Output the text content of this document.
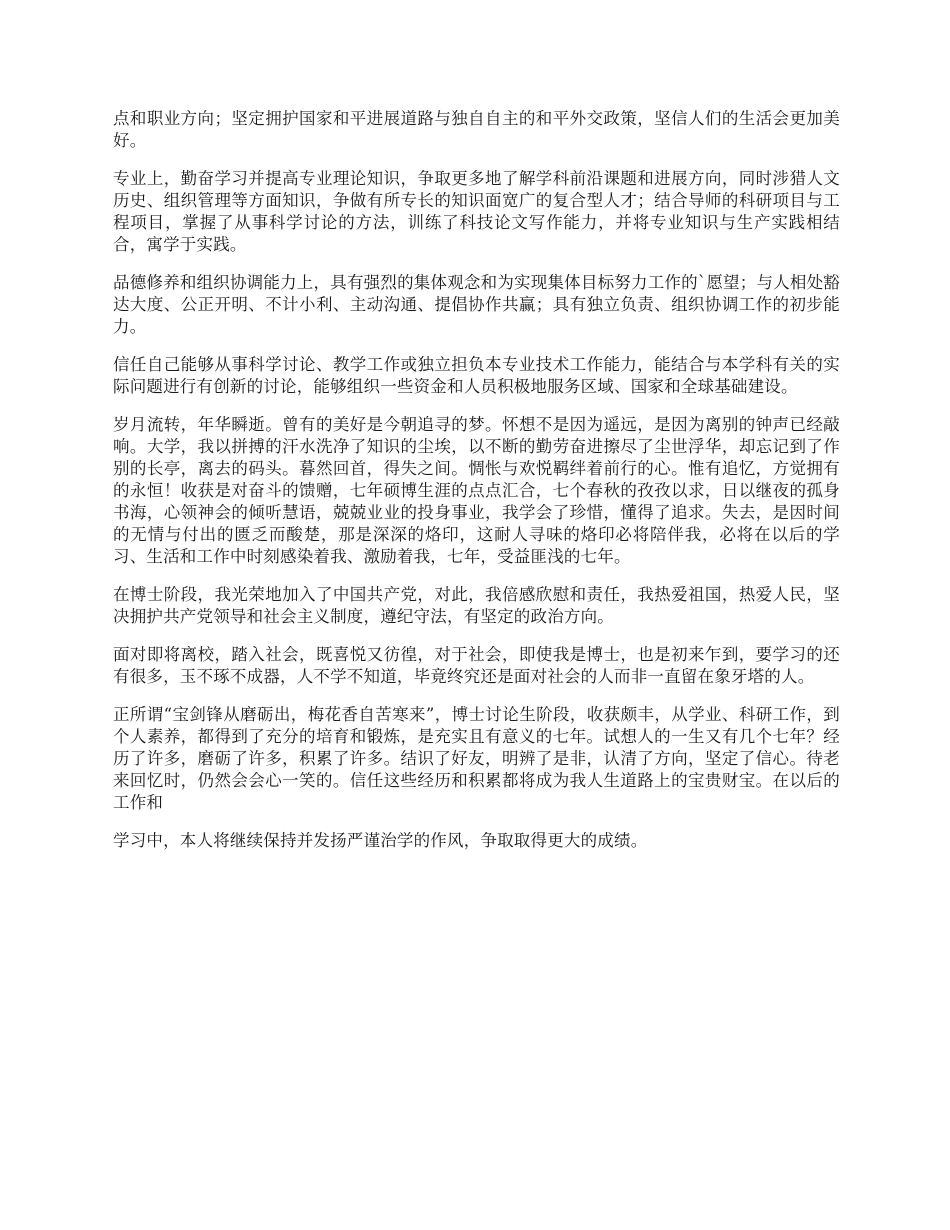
点和职业方向；坚定拥护国家和平进展道路与独自自主的和平外交政策，坚信人们的生活会更加美好。

专业上，勤奋学习并提高专业理论知识，争取更多地了解学科前沿课题和进展方向，同时涉猎人文历史、组织管理等方面知识，争做有所专长的知识面宽广的复合型人才；结合导师的科研项目与工程项目，掌握了从事科学讨论的方法，训练了科技论文写作能力，并将专业知识与生产实践相结合，寓学于实践。

品德修养和组织协调能力上，具有强烈的集体观念和为实现集体目标努力工作的`愿望；与人相处豁达大度、公正开明、不计小利、主动沟通、提倡协作共赢；具有独立负责、组织协调工作的初步能力。

信任自己能够从事科学讨论、教学工作或独立担负本专业技术工作能力，能结合与本学科有关的实际问题进行有创新的讨论，能够组织一些资金和人员积极地服务区域、国家和全球基础建设。

岁月流转，年华瞬逝。曾有的美好是今朝追寻的梦。怀想不是因为遥远，是因为离别的钟声已经敲响。大学，我以拼搏的汗水洗净了知识的尘埃，以不断的勤劳奋进擦尽了尘世浮华，却忘记到了作别的长亭，离去的码头。暮然回首，得失之间。惆怅与欢悦羁绊着前行的心。惟有追忆，方觉拥有的永恒！收获是对奋斗的馈赠，七年硕博生涯的点点汇合，七个春秋的孜孜以求，日以继夜的孤身书海，心领神会的倾听慧语，兢兢业业的投身事业，我学会了珍惜，懂得了追求。失去，是因时间的无情与付出的匮乏而酸楚，那是深深的烙印，这耐人寻味的烙印必将陪伴我，必将在以后的学习、生活和工作中时刻感染着我、激励着我，七年，受益匪浅的七年。

在博士阶段，我光荣地加入了中国共产党，对此，我倍感欣慰和责任，我热爱祖国，热爱人民，坚决拥护共产党领导和社会主义制度，遵纪守法，有坚定的政治方向。

面对即将离校，踏入社会，既喜悦又彷徨，对于社会，即使我是博士，也是初来乍到，要学习的还有很多，玉不琢不成器，人不学不知道，毕竟终究还是面对社会的人而非一直留在象牙塔的人。

正所谓“宝剑锋从磨砺出，梅花香自苦寒来”，博士讨论生阶段，收获颇丰，从学业、科研工作，到个人素养，都得到了充分的培育和锻炼，是充实且有意义的七年。试想人的一生又有几个七年？经历了许多，磨砺了许多，积累了许多。结识了好友，明辨了是非，认清了方向，坚定了信心。待老来回忆时，仍然会会心一笑的。信任这些经历和积累都将成为我人生道路上的宝贵财宝。在以后的工作和

学习中，本人将继续保持并发扬严谨治学的作风，争取取得更大的成绩。
